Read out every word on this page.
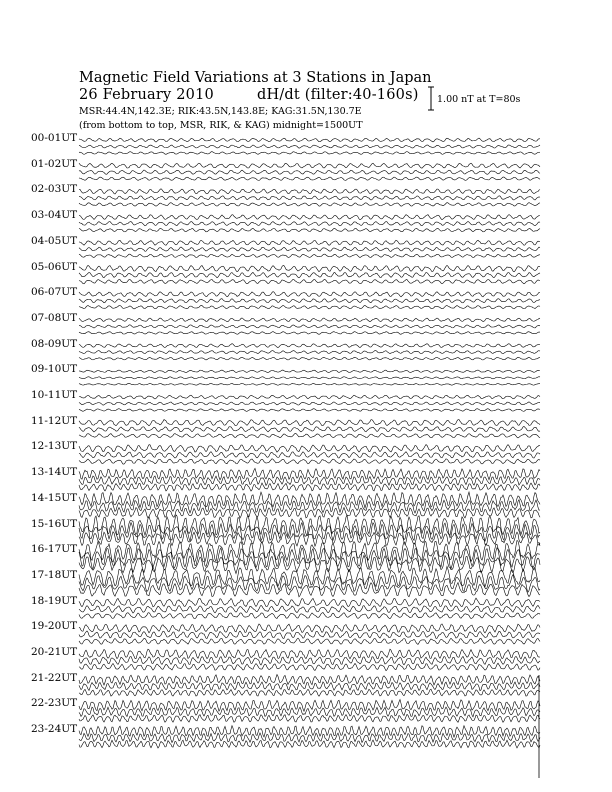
Magnetic Field Variations at 3 Stations in Japan
26 February 2010	dH/dt (filter:40-160s)
MSR:44.4N,142.3E; RIK:43.5N,143.8E; KAG:31.5N,130.7E
(from bottom to top, MSR, RIK, & KAG) midnight=1500UT
1.00 nT at T=80s
00-01UT
01-02UT
02-03UT
03-04UT
04-05UT
05-06UT
06-07UT
07-08UT
08-09UT
09-10UT
10-11UT
11-12UT
12-13UT
13-14UT
14-15UT
15-16UT
16-17UT
17-18UT
18-19UT
19-20UT
20-21UT
21-22UT
22-23UT
23-24UT
